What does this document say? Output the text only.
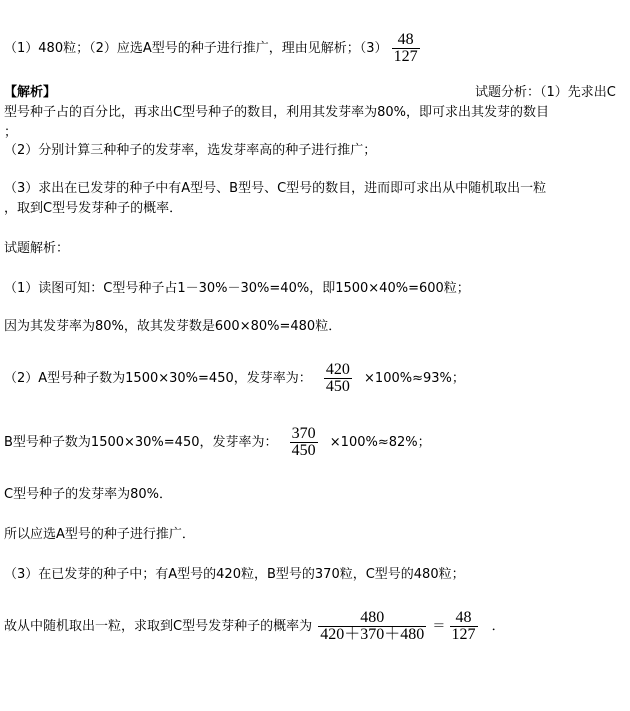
（1）480粒；（2）应选A型号的种子进行推广，理由见解析；$(3) \frac{48}{127}$
【解析】	试题分析：（1）先求出C
型号种子占的百分比，再求出C型号种子的数目，利用其发芽率为80%，即可求出其发芽的数目
；
（2）分别计算三种种子的发芽率，选发芽率高的种子进行推广；
（3）求出在已发芽的种子中有A型号、B型号、C型号的数目，进而即可求出从中随机取出一粒
，取到C型号发芽种子的概率．
试题解析：
（1）读图可知：C型号种子占1－30%－30%=40%，即1500×40%=600粒；
因为其发芽率为80%，故其发芽数是600×80%=480粒．
（2）A型号种子数为1500×30%=450，发芽率为： $\frac{420}{450} \times 100\%\approx 93\%$；
B型号种子数为1500×30%=450，发芽率为： $\frac{370}{450} \times 100\%\approx 82\%$；
C型号种子的发芽率为80%．
所以应选A型号的种子进行推广．
（3）在已发芽的种子中；有A型号的420粒，B型号的370粒，C型号的480粒；
故从中随机取出一粒，求取到C型号发芽种子的概率为 $\frac{480}{420+370+480} = \frac{48}{127}$ ．
